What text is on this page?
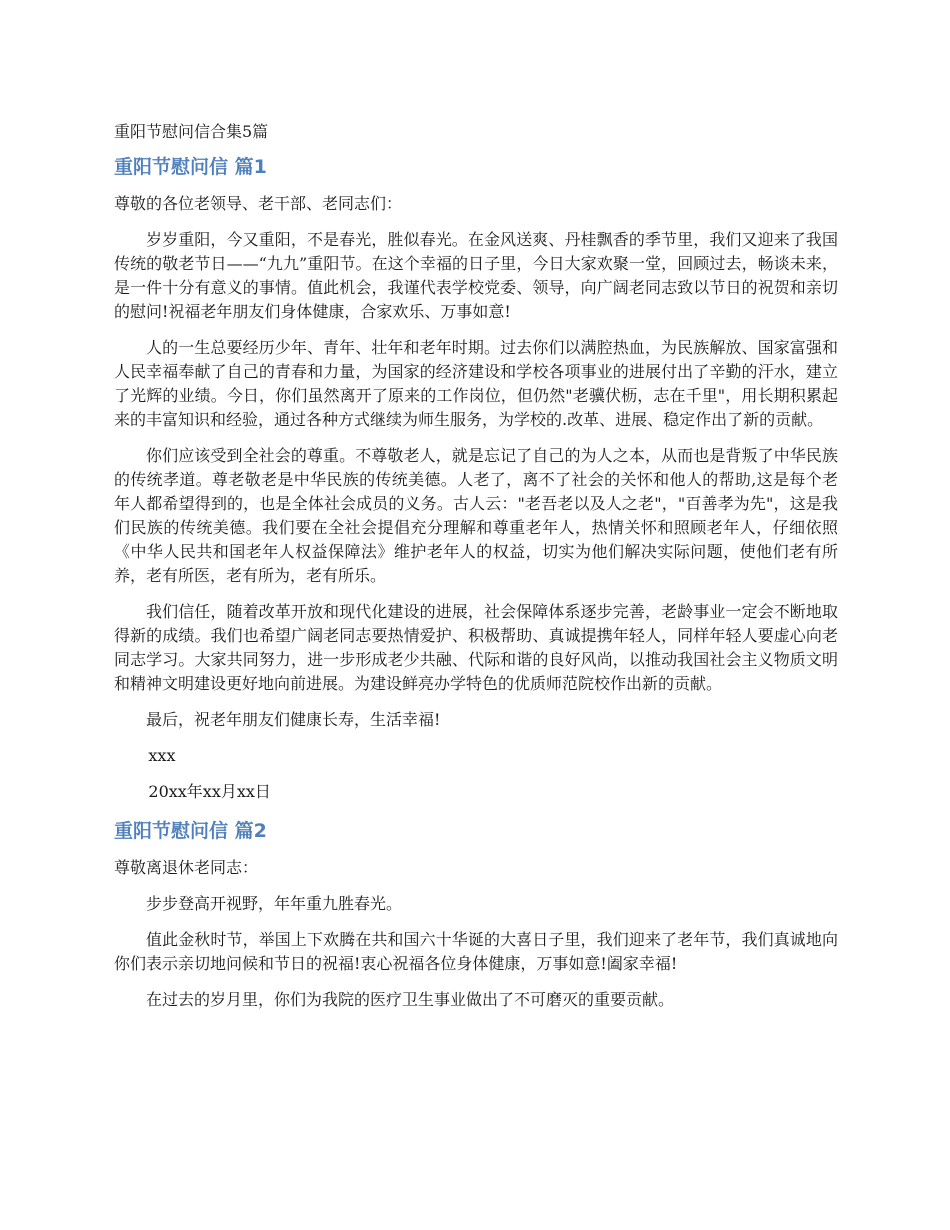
重阳节慰问信合集5篇
重阳节慰问信 篇1
尊敬的各位老领导、老干部、老同志们：

岁岁重阳，今又重阳，不是春光，胜似春光。在金风送爽、丹桂飘香的季节里，我们又迎来了我国传统的敬老节日——“九九”重阳节。在这个幸福的日子里，今日大家欢聚一堂，回顾过去，畅谈未来，是一件十分有意义的事情。值此机会，我谨代表学校党委、领导，向广阔老同志致以节日的祝贺和亲切的慰问!祝福老年朋友们身体健康，合家欢乐、万事如意!

人的一生总要经历少年、青年、壮年和老年时期。过去你们以满腔热血，为民族解放、国家富强和人民幸福奉献了自己的青春和力量，为国家的经济建设和学校各项事业的进展付出了辛勤的汗水，建立了光辉的业绩。今日，你们虽然离开了原来的工作岗位，但仍然"老骥伏枥，志在千里"，用长期积累起来的丰富知识和经验，通过各种方式继续为师生服务，为学校的.改革、进展、稳定作出了新的贡献。

你们应该受到全社会的尊重。不尊敬老人，就是忘记了自己的为人之本，从而也是背叛了中华民族的传统孝道。尊老敬老是中华民族的传统美德。人老了，离不了社会的关怀和他人的帮助,这是每个老年人都希望得到的，也是全体社会成员的义务。古人云："老吾老以及人之老"，"百善孝为先"，这是我们民族的传统美德。我们要在全社会提倡充分理解和尊重老年人，热情关怀和照顾老年人，仔细依照《中华人民共和国老年人权益保障法》维护老年人的权益，切实为他们解决实际问题，使他们老有所养，老有所医，老有所为，老有所乐。

我们信任，随着改革开放和现代化建设的进展，社会保障体系逐步完善，老龄事业一定会不断地取得新的成绩。我们也希望广阔老同志要热情爱护、积极帮助、真诚提携年轻人，同样年轻人要虚心向老同志学习。大家共同努力，进一步形成老少共融、代际和谐的良好风尚，以推动我国社会主义物质文明和精神文明建设更好地向前进展。为建设鲜亮办学特色的优质师范院校作出新的贡献。

最后，祝老年朋友们健康长寿，生活幸福!

xxx
20xx年xx月xx日
重阳节慰问信 篇2
尊敬离退休老同志：

步步登高开视野，年年重九胜春光。

值此金秋时节，举国上下欢腾在共和国六十华诞的大喜日子里，我们迎来了老年节，我们真诚地向你们表示亲切地问候和节日的祝福!衷心祝福各位身体健康，万事如意!阖家幸福!

在过去的岁月里，你们为我院的医疗卫生事业做出了不可磨灭的重要贡献。
